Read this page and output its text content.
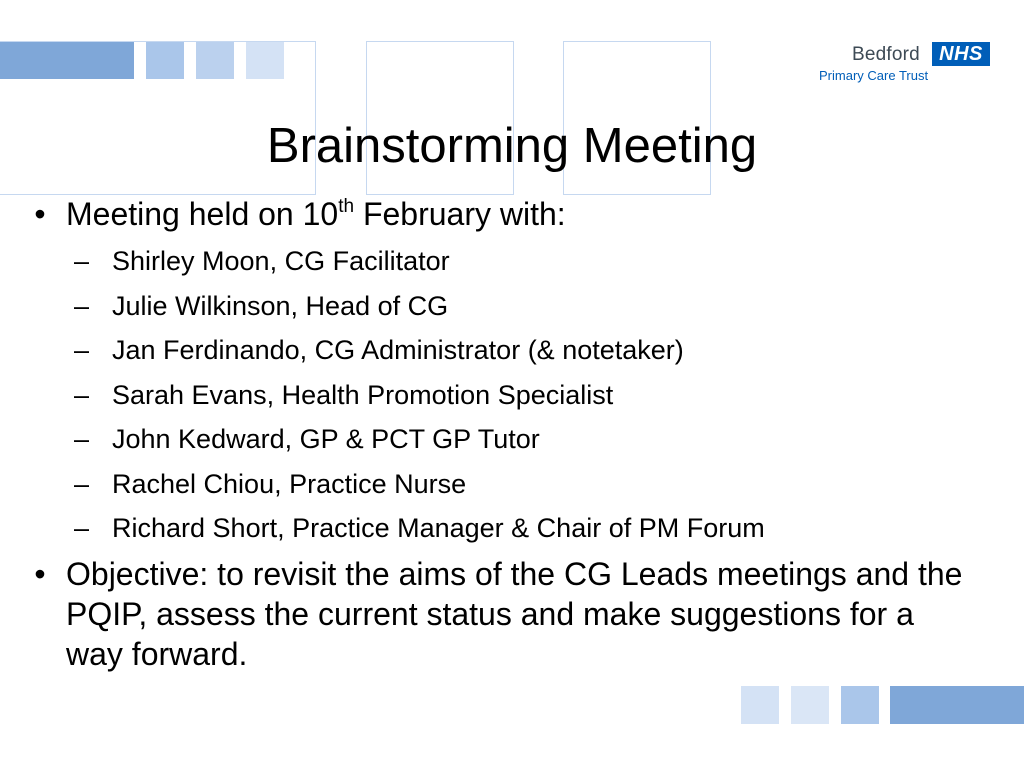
Bedford NHS
Primary Care Trust
Brainstorming Meeting
• Meeting held on 10th February with:
– Shirley Moon, CG Facilitator
– Julie Wilkinson, Head of CG
– Jan Ferdinando, CG Administrator (& notetaker)
– Sarah Evans, Health Promotion Specialist
– John Kedward, GP & PCT GP Tutor
– Rachel Chiou, Practice Nurse
– Richard Short, Practice Manager & Chair of PM Forum
• Objective: to revisit the aims of the CG Leads meetings and the PQIP, assess the current status and make suggestions for a way forward.
